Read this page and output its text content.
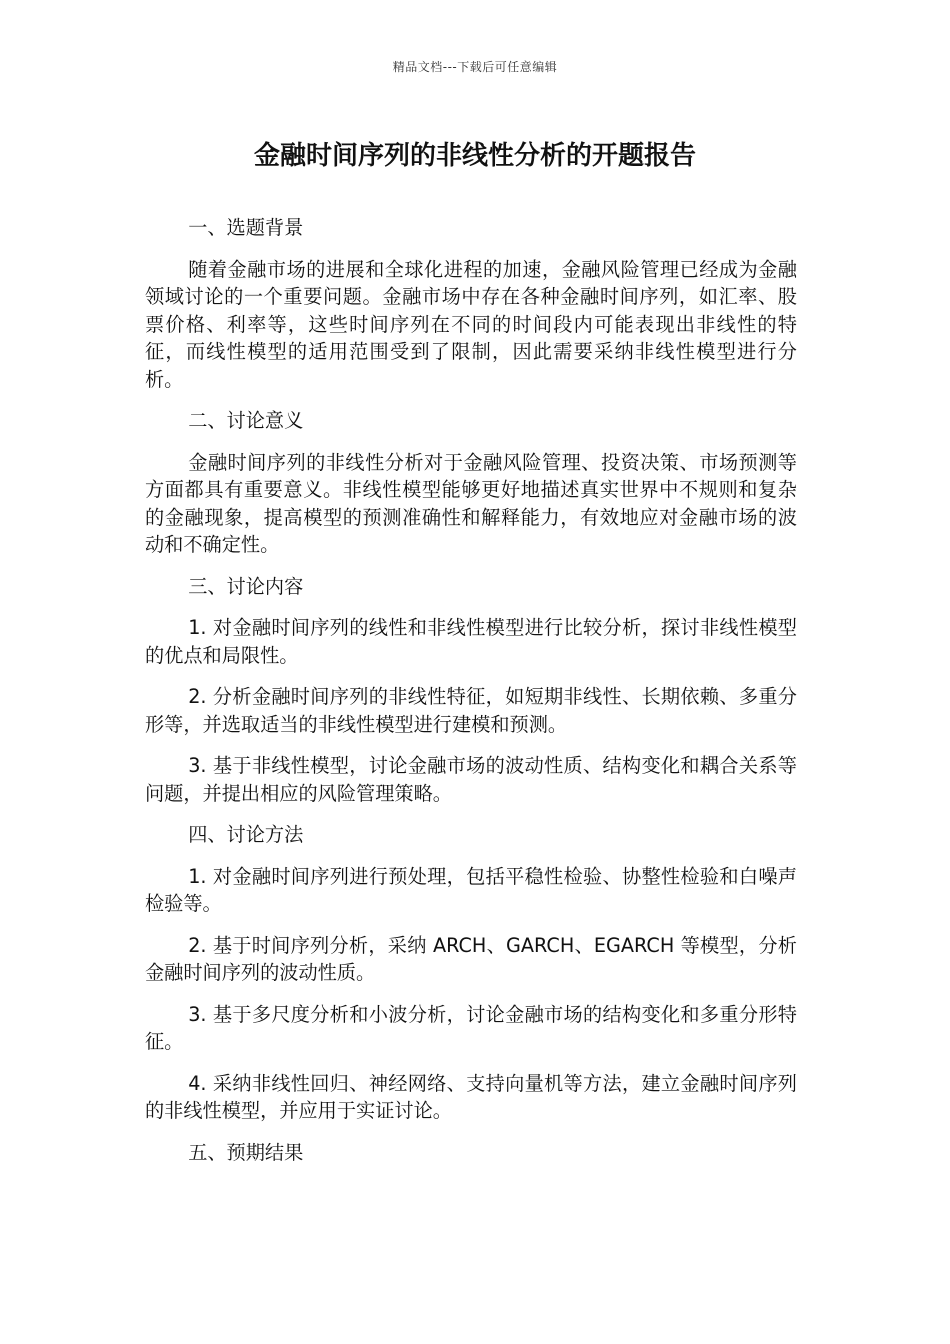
精品文档---下载后可任意编辑
金融时间序列的非线性分析的开题报告

一、选题背景

随着金融市场的进展和全球化进程的加速，金融风险管理已经成为金融领域讨论的一个重要问题。金融市场中存在各种金融时间序列，如汇率、股票价格、利率等，这些时间序列在不同的时间段内可能表现出非线性的特征，而线性模型的适用范围受到了限制，因此需要采纳非线性模型进行分析。

二、讨论意义

金融时间序列的非线性分析对于金融风险管理、投资决策、市场预测等方面都具有重要意义。非线性模型能够更好地描述真实世界中不规则和复杂的金融现象，提高模型的预测准确性和解释能力，有效地应对金融市场的波动和不确定性。

三、讨论内容

1. 对金融时间序列的线性和非线性模型进行比较分析，探讨非线性模型的优点和局限性。

2. 分析金融时间序列的非线性特征，如短期非线性、长期依赖、多重分形等，并选取适当的非线性模型进行建模和预测。

3. 基于非线性模型，讨论金融市场的波动性质、结构变化和耦合关系等问题，并提出相应的风险管理策略。

四、讨论方法

1. 对金融时间序列进行预处理，包括平稳性检验、协整性检验和白噪声检验等。

2. 基于时间序列分析，采纳 ARCH、GARCH、EGARCH 等模型，分析金融时间序列的波动性质。

3. 基于多尺度分析和小波分析，讨论金融市场的结构变化和多重分形特征。

4. 采纳非线性回归、神经网络、支持向量机等方法，建立金融时间序列的非线性模型，并应用于实证讨论。

五、预期结果
